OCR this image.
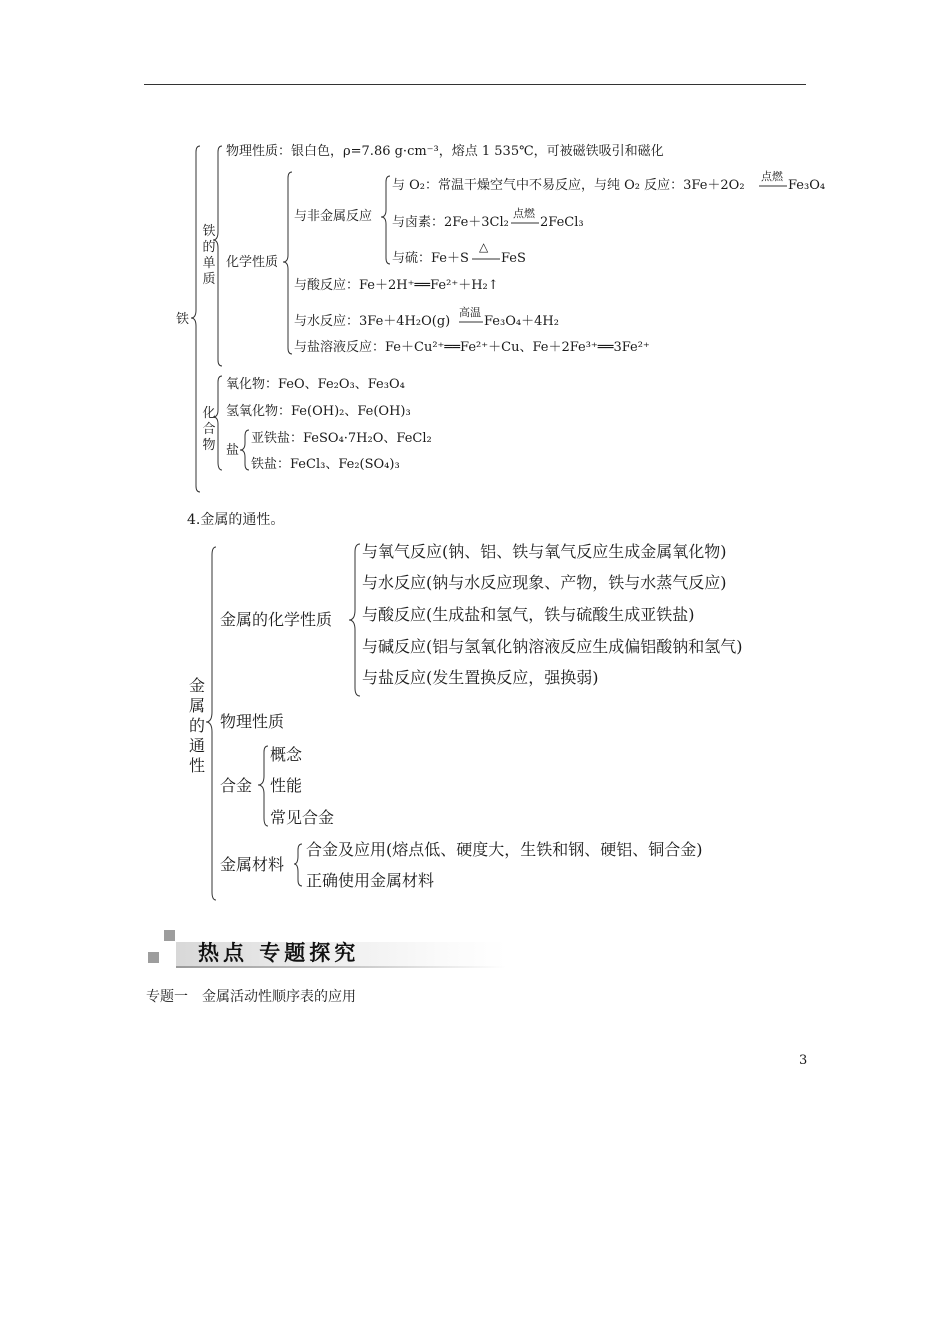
铁
铁的单质
物理性质：银白色，ρ=7.86 g·cm⁻³，熔点 1 535℃，可被磁铁吸引和磁化
化学性质
与非金属反应
与 O₂：常温干燥空气中不易反应，与纯 O₂ 反应：3Fe＋2O₂
点燃
Fe₃O₄
与卤素：2Fe＋3Cl₂
点燃
2FeCl₃
与硫：Fe＋S
△
FeS
与酸反应：Fe＋2H⁺══Fe²⁺＋H₂↑
与水反应：3Fe＋4H₂O(g)
高温
Fe₃O₄＋4H₂
与盐溶液反应：Fe＋Cu²⁺══Fe²⁺＋Cu、Fe＋2Fe³⁺══3Fe²⁺
化合物
氧化物：FeO、Fe₂O₃、Fe₃O₄
氢氧化物：Fe(OH)₂、Fe(OH)₃
盐
亚铁盐：FeSO₄·7H₂O、FeCl₂
铁盐：FeCl₃、Fe₂(SO₄)₃
4.金属的通性。
金属的通性
金属的化学性质
与氧气反应(钠、铝、铁与氧气反应生成金属氧化物)
与水反应(钠与水反应现象、产物，铁与水蒸气反应)
与酸反应(生成盐和氢气，铁与硫酸生成亚铁盐)
与碱反应(铝与氢氧化钠溶液反应生成偏铝酸钠和氢气)
与盐反应(发生置换反应，强换弱)
物理性质
合金
概念
性能
常见合金
金属材料
合金及应用(熔点低、硬度大，生铁和钢、硬铝、铜合金)
正确使用金属材料
热点 专题探究
专题一　金属活动性顺序表的应用
3
